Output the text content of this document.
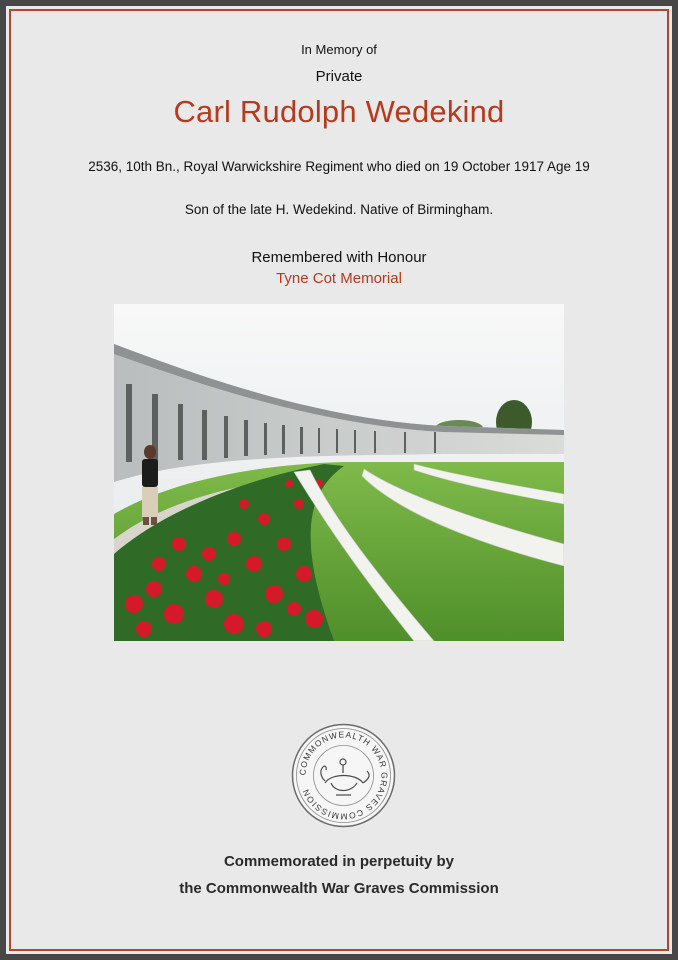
In Memory of
Private
Carl Rudolph Wedekind
2536, 10th Bn., Royal Warwickshire Regiment who died on 19 October 1917 Age 19
Son of the late H. Wedekind. Native of Birmingham.
Remembered with Honour
Tyne Cot Memorial
COMMONWEALTH WAR GRAVES COMMISSION
Commemorated in perpetuity by
the Commonwealth War Graves Commission
